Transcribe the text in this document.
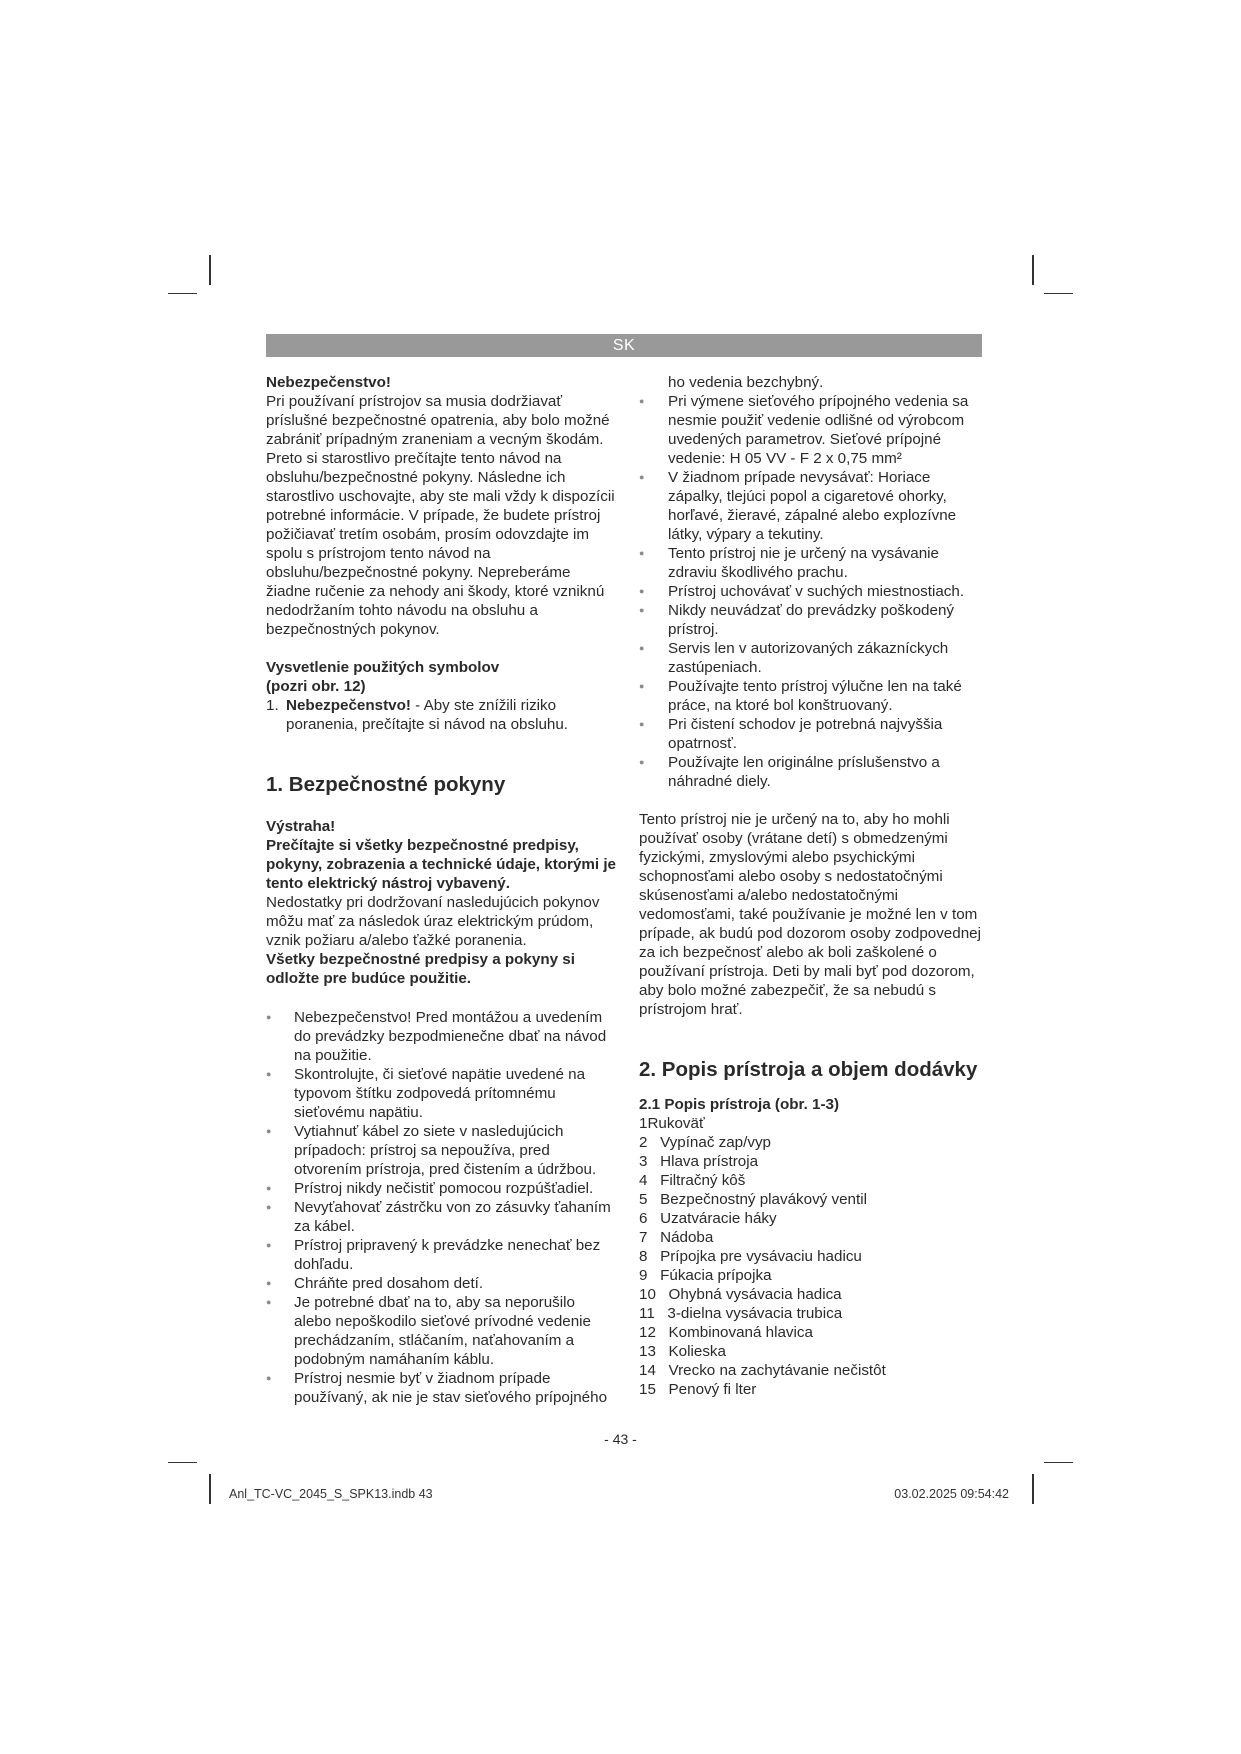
SK

Nebezpečenstvo!

Pri používaní prístrojov sa musia dodržiavať príslušné bezpečnostné opatrenia, aby bolo možné zabrániť prípadným zraneniam a vecným škodám. Preto si starostlivo prečítajte tento návod na obsluhu/bezpečnostné pokyny. Následne ich starostlivo uschovajte, aby ste mali vždy k dispozícii potrebné informácie. V prípade, že budete prístroj požičiavať tretím osobám, prosím odovzdajte im spolu s prístrojom tento návod na obsluhu/bezpečnostné pokyny. Nepreberáme žiadne ručenie za nehody ani škody, ktoré vzniknú nedodržaním tohto návodu na obsluhu a bezpečnostných pokynov.

Vysvetlenie použitých symbolov

(pozri obr. 12)

1. Nebezpečenstvo! - Aby ste znížili riziko poranenia, prečítajte si návod na obsluhu.

1. Bezpečnostné pokyny

Výstraha!

Prečítajte si všetky bezpečnostné predpisy, pokyny, zobrazenia a technické údaje, ktorými je tento elektrický nástroj vybavený.

Nedostatky pri dodržovaní nasledujúcich pokynov môžu mať za následok úraz elektrickým prúdom, vznik požiaru a/alebo ťažké poranenia.

Všetky bezpečnostné predpisy a pokyny si odložte pre budúce použitie.

● Nebezpečenstvo! Pred montážou a uvedením do prevádzky bezpodmienečne dbať na návod na použitie.
● Skontrolujte, či sieťové napätie uvedené na typovom štítku zodpovedá prítomnému sieťovému napätiu.
● Vytiahnuť kábel zo siete v nasledujúcich prípadoch: prístroj sa nepoužíva, pred otvorením prístroja, pred čistením a údržbou.
● Prístroj nikdy nečistiť pomocou rozpúšťadiel.
● Nevyťahovať zástrčku von zo zásuvky ťahaním za kábel.
● Prístroj pripravený k prevádzke nenechať bez dohľadu.
● Chráňte pred dosahom detí.
● Je potrebné dbať na to, aby sa neporušilo alebo nepoškodilo sieťové prívodné vedenie prechádzaním, stláčaním, naťahovaním a podobným namáhaním káblu.
● Prístroj nesmie byť v žiadnom prípade používaný, ak nie je stav sieťového prípojného

ho vedenia bezchybný.

● Pri výmene sieťového prípojného vedenia sa nesmie použiť vedenie odlišné od výrobcom uvedených parametrov. Sieťové prípojné vedenie: H 05 VV - F 2 x 0,75 mm²
● V žiadnom prípade nevysávať: Horiace zápalky, tlejúci popol a cigaretové ohorky, horľavé, žieravé, zápalné alebo explozívne látky, výpary a tekutiny.
● Tento prístroj nie je určený na vysávanie zdraviu škodlivého prachu.
● Prístroj uchovávať v suchých miestnostiach.
● Nikdy neuvádzať do prevádzky poškodený prístroj.
● Servis len v autorizovaných zákazníckych zastúpeniach.
● Používajte tento prístroj výlučne len na také práce, na ktoré bol konštruovaný.
● Pri čistení schodov je potrebná najvyššia opatrnosť.
● Používajte len originálne príslušenstvo a náhradné diely.

Tento prístroj nie je určený na to, aby ho mohli používať osoby (vrátane detí) s obmedzenými fyzickými, zmyslovými alebo psychickými schopnosťami alebo osoby s nedostatočnými skúsenosťami a/alebo nedostatočnými vedomosťami, také používanie je možné len v tom prípade, ak budú pod dozorom osoby zodpovednej za ich bezpečnosť alebo ak boli zaškolené o používaní prístroja. Deti by mali byť pod dozorom, aby bolo možné zabezpečiť, že sa nebudú s prístrojom hrať.

2. Popis prístroja a objem dodávky

2.1 Popis prístroja (obr. 1-3)

1Rukoväť
2   Vypínač zap/vyp
3   Hlava prístroja
4   Filtračný kôš
5   Bezpečnostný plavákový ventil
6   Uzatváracie háky
7   Nádoba
8   Prípojka pre vysávaciu hadicu
9   Fúkacia prípojka
10   Ohybná vysávacia hadica
11   3-dielna vysávacia trubica
12   Kombinovaná hlavica
13   Kolieska
14   Vrecko na zachytávanie nečistôt
15   Penový fi lter
- 43 -
Anl_TC-VC_2045_S_SPK13.indb 43	03.02.2025 09:54:42
